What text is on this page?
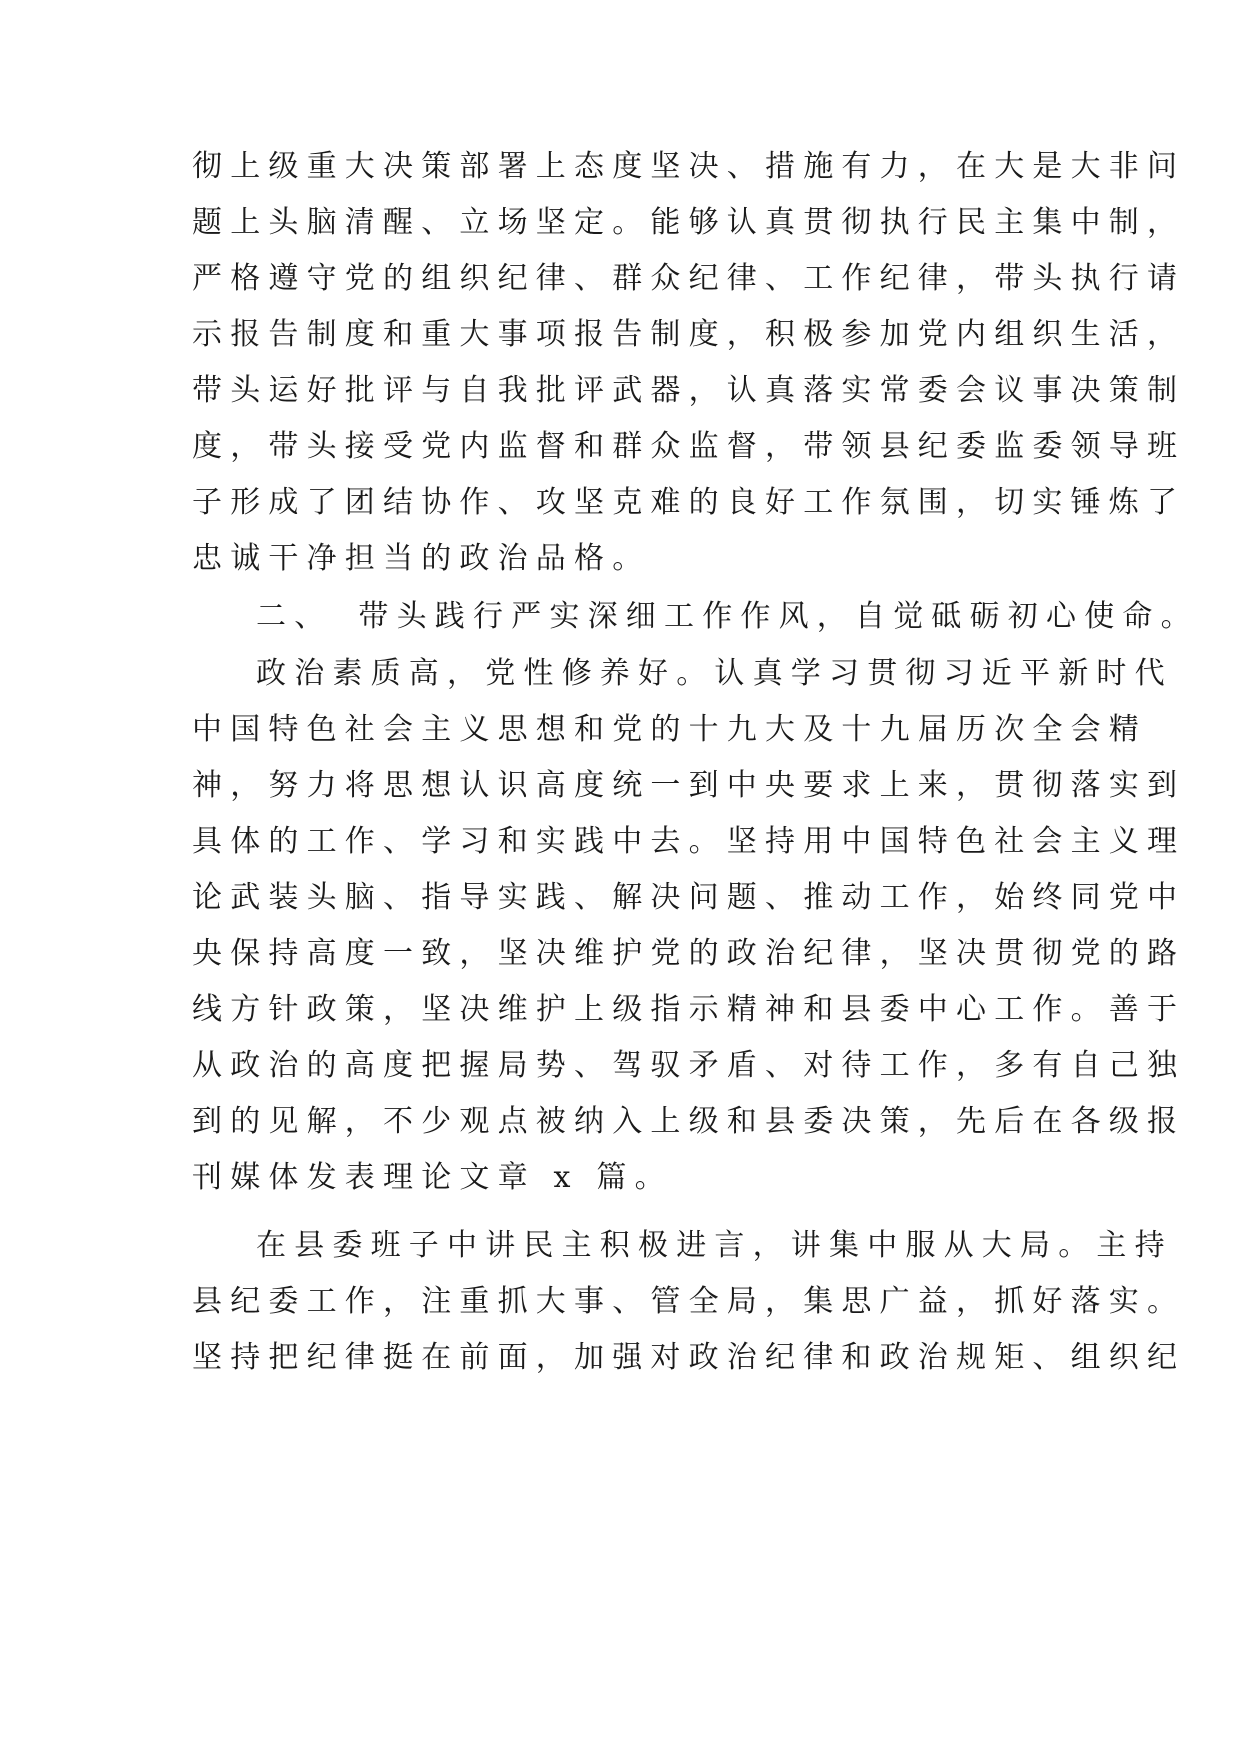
彻上级重大决策部署上态度坚决、措施有力，在大是大非问
题上头脑清醒、立场坚定。能够认真贯彻执行民主集中制，
严格遵守党的组织纪律、群众纪律、工作纪律，带头执行请
示报告制度和重大事项报告制度，积极参加党内组织生活，
带头运好批评与自我批评武器，认真落实常委会议事决策制
度，带头接受党内监督和群众监督，带领县纪委监委领导班
子形成了团结协作、攻坚克难的良好工作氛围，切实锤炼了
忠诚干净担当的政治品格。
二、 带头践行严实深细工作作风，自觉砥砺初心使命。
政治素质高，党性修养好。认真学习贯彻习近平新时代
中国特色社会主义思想和党的十九大及十九届历次全会精
神，努力将思想认识高度统一到中央要求上来，贯彻落实到
具体的工作、学习和实践中去。坚持用中国特色社会主义理
论武装头脑、指导实践、解决问题、推动工作，始终同党中
央保持高度一致，坚决维护党的政治纪律，坚决贯彻党的路
线方针政策，坚决维护上级指示精神和县委中心工作。善于
从政治的高度把握局势、驾驭矛盾、对待工作，多有自己独
到的见解，不少观点被纳入上级和县委决策，先后在各级报
刊媒体发表理论文章 x 篇。
在县委班子中讲民主积极进言，讲集中服从大局。主持
县纪委工作，注重抓大事、管全局，集思广益，抓好落实。
坚持把纪律挺在前面，加强对政治纪律和政治规矩、组织纪
